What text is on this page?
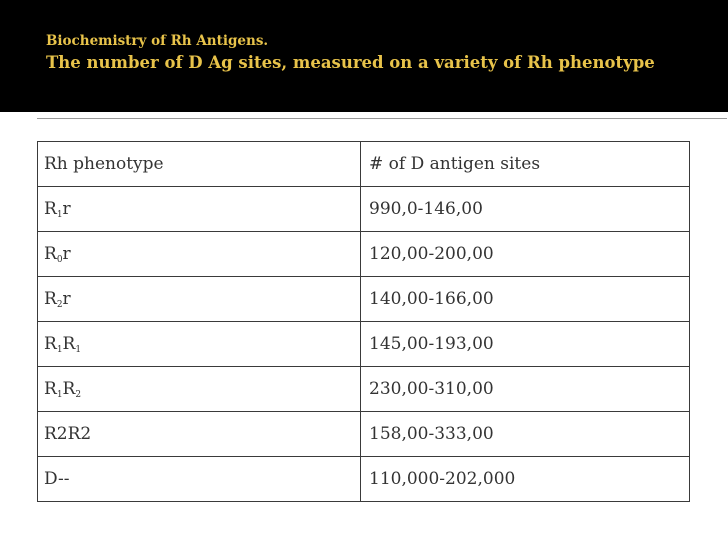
Biochemistry of Rh Antigens.
The number of D Ag sites, measured on a variety of Rh phenotype
Rh phenotype	# of D antigen sites
$R_1r$	990,0-146,00
$R_0r$	120,00-200,00
$R_2r$	140,00-166,00
$R_1R_1$	145,00-193,00
$R_1R_2$	230,00-310,00
R2R2	158,00-333,00
D--	110,000-202,000
